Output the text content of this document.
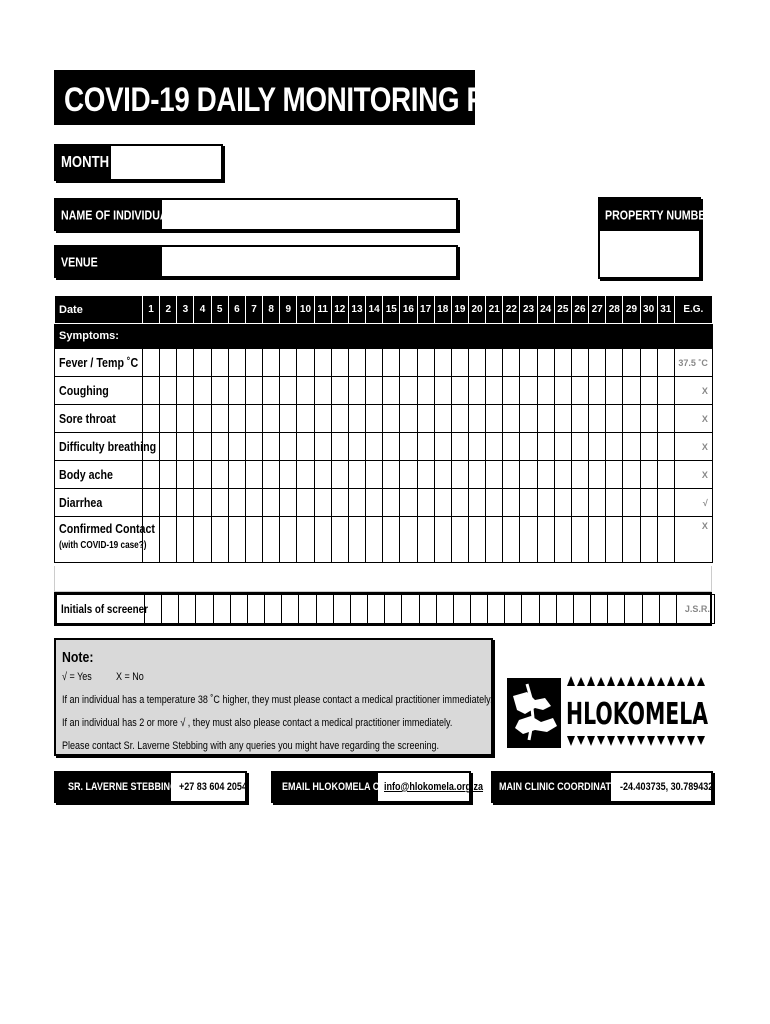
COVID-19 DAILY MONITORING FORM
MONTH
NAME OF INDIVIDUAL
VENUE
PROPERTY NUMBER
Date	1	2	3	4	5	6	7	8	9	10	11	12	13	14	15	16	17	18	19	20	21	22	23	24	25	26	27	28	29	30	31	E.G.
Symptoms:																																
Fever / Temp ˚C																																37.5 ˚C
Coughing																																X
Sore throat																																X
Difficulty breathing																																X
Body ache																																X
Diarrhea																																√
Confirmed Contact
(with COVID-19 case?)																																X
Initials of screener																																J.S.R.
Note:
√ = Yes X = No
If an individual has a temperature 38 ˚C higher, they must please contact a medical practitioner immediately.
If an individual has 2 or more √ , they must also please contact a medical practitioner immediately.
Please contact Sr. Laverne Stebbing with any queries you might have regarding the screening.
HLOKOMELA
SR. LAVERNE STEBBING +27 83 604 2054	EMAIL HLOKOMELA ON
info@hlokomela.org.za MAIN CLINIC COORDINATES
-24.403735, 30.789432
